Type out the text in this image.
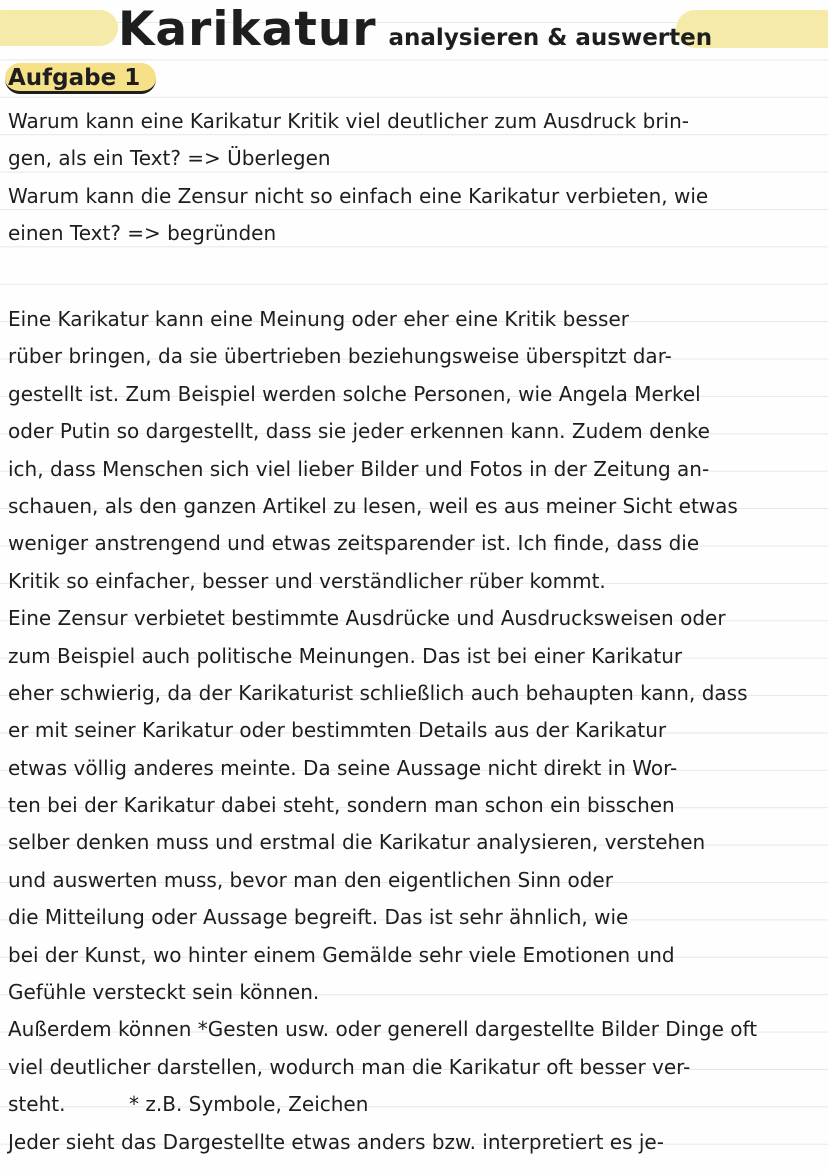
Karikatur analysieren & auswerten
Aufgabe 1
Warum kann eine Karikatur Kritik viel deutlicher zum Ausdruck brin-
gen, als ein Text? => Überlegen
Warum kann die Zensur nicht so einfach eine Karikatur verbieten, wie
einen Text? => begründen
Eine Karikatur kann eine Meinung oder eher eine Kritik besser
rüber bringen, da sie übertrieben beziehungsweise überspitzt dar-
gestellt ist. Zum Beispiel werden solche Personen, wie Angela Merkel
oder Putin so dargestellt, dass sie jeder erkennen kann. Zudem denke
ich, dass Menschen sich viel lieber Bilder und Fotos in der Zeitung an-
schauen, als den ganzen Artikel zu lesen, weil es aus meiner Sicht etwas
weniger anstrengend und etwas zeitsparender ist. Ich finde, dass die
Kritik so einfacher, besser und verständlicher rüber kommt.
Eine Zensur verbietet bestimmte Ausdrücke und Ausdrucksweisen oder
zum Beispiel auch politische Meinungen. Das ist bei einer Karikatur
eher schwierig, da der Karikaturist schließlich auch behaupten kann, dass
er mit seiner Karikatur oder bestimmten Details aus der Karikatur
etwas völlig anderes meinte. Da seine Aussage nicht direkt in Wor-
ten bei der Karikatur dabei steht, sondern man schon ein bisschen
selber denken muss und erstmal die Karikatur analysieren, verstehen
und auswerten muss, bevor man den eigentlichen Sinn oder
die Mitteilung oder Aussage begreift. Das ist sehr ähnlich, wie
bei der Kunst, wo hinter einem Gemälde sehr viele Emotionen und
Gefühle versteckt sein können.
Außerdem können *Gesten usw. oder generell dargestellte Bilder Dinge oft
viel deutlicher darstellen, wodurch man die Karikatur oft besser ver-
steht.          * z.B. Symbole, Zeichen
Jeder sieht das Dargestellte etwas anders bzw. interpretiert es je-
